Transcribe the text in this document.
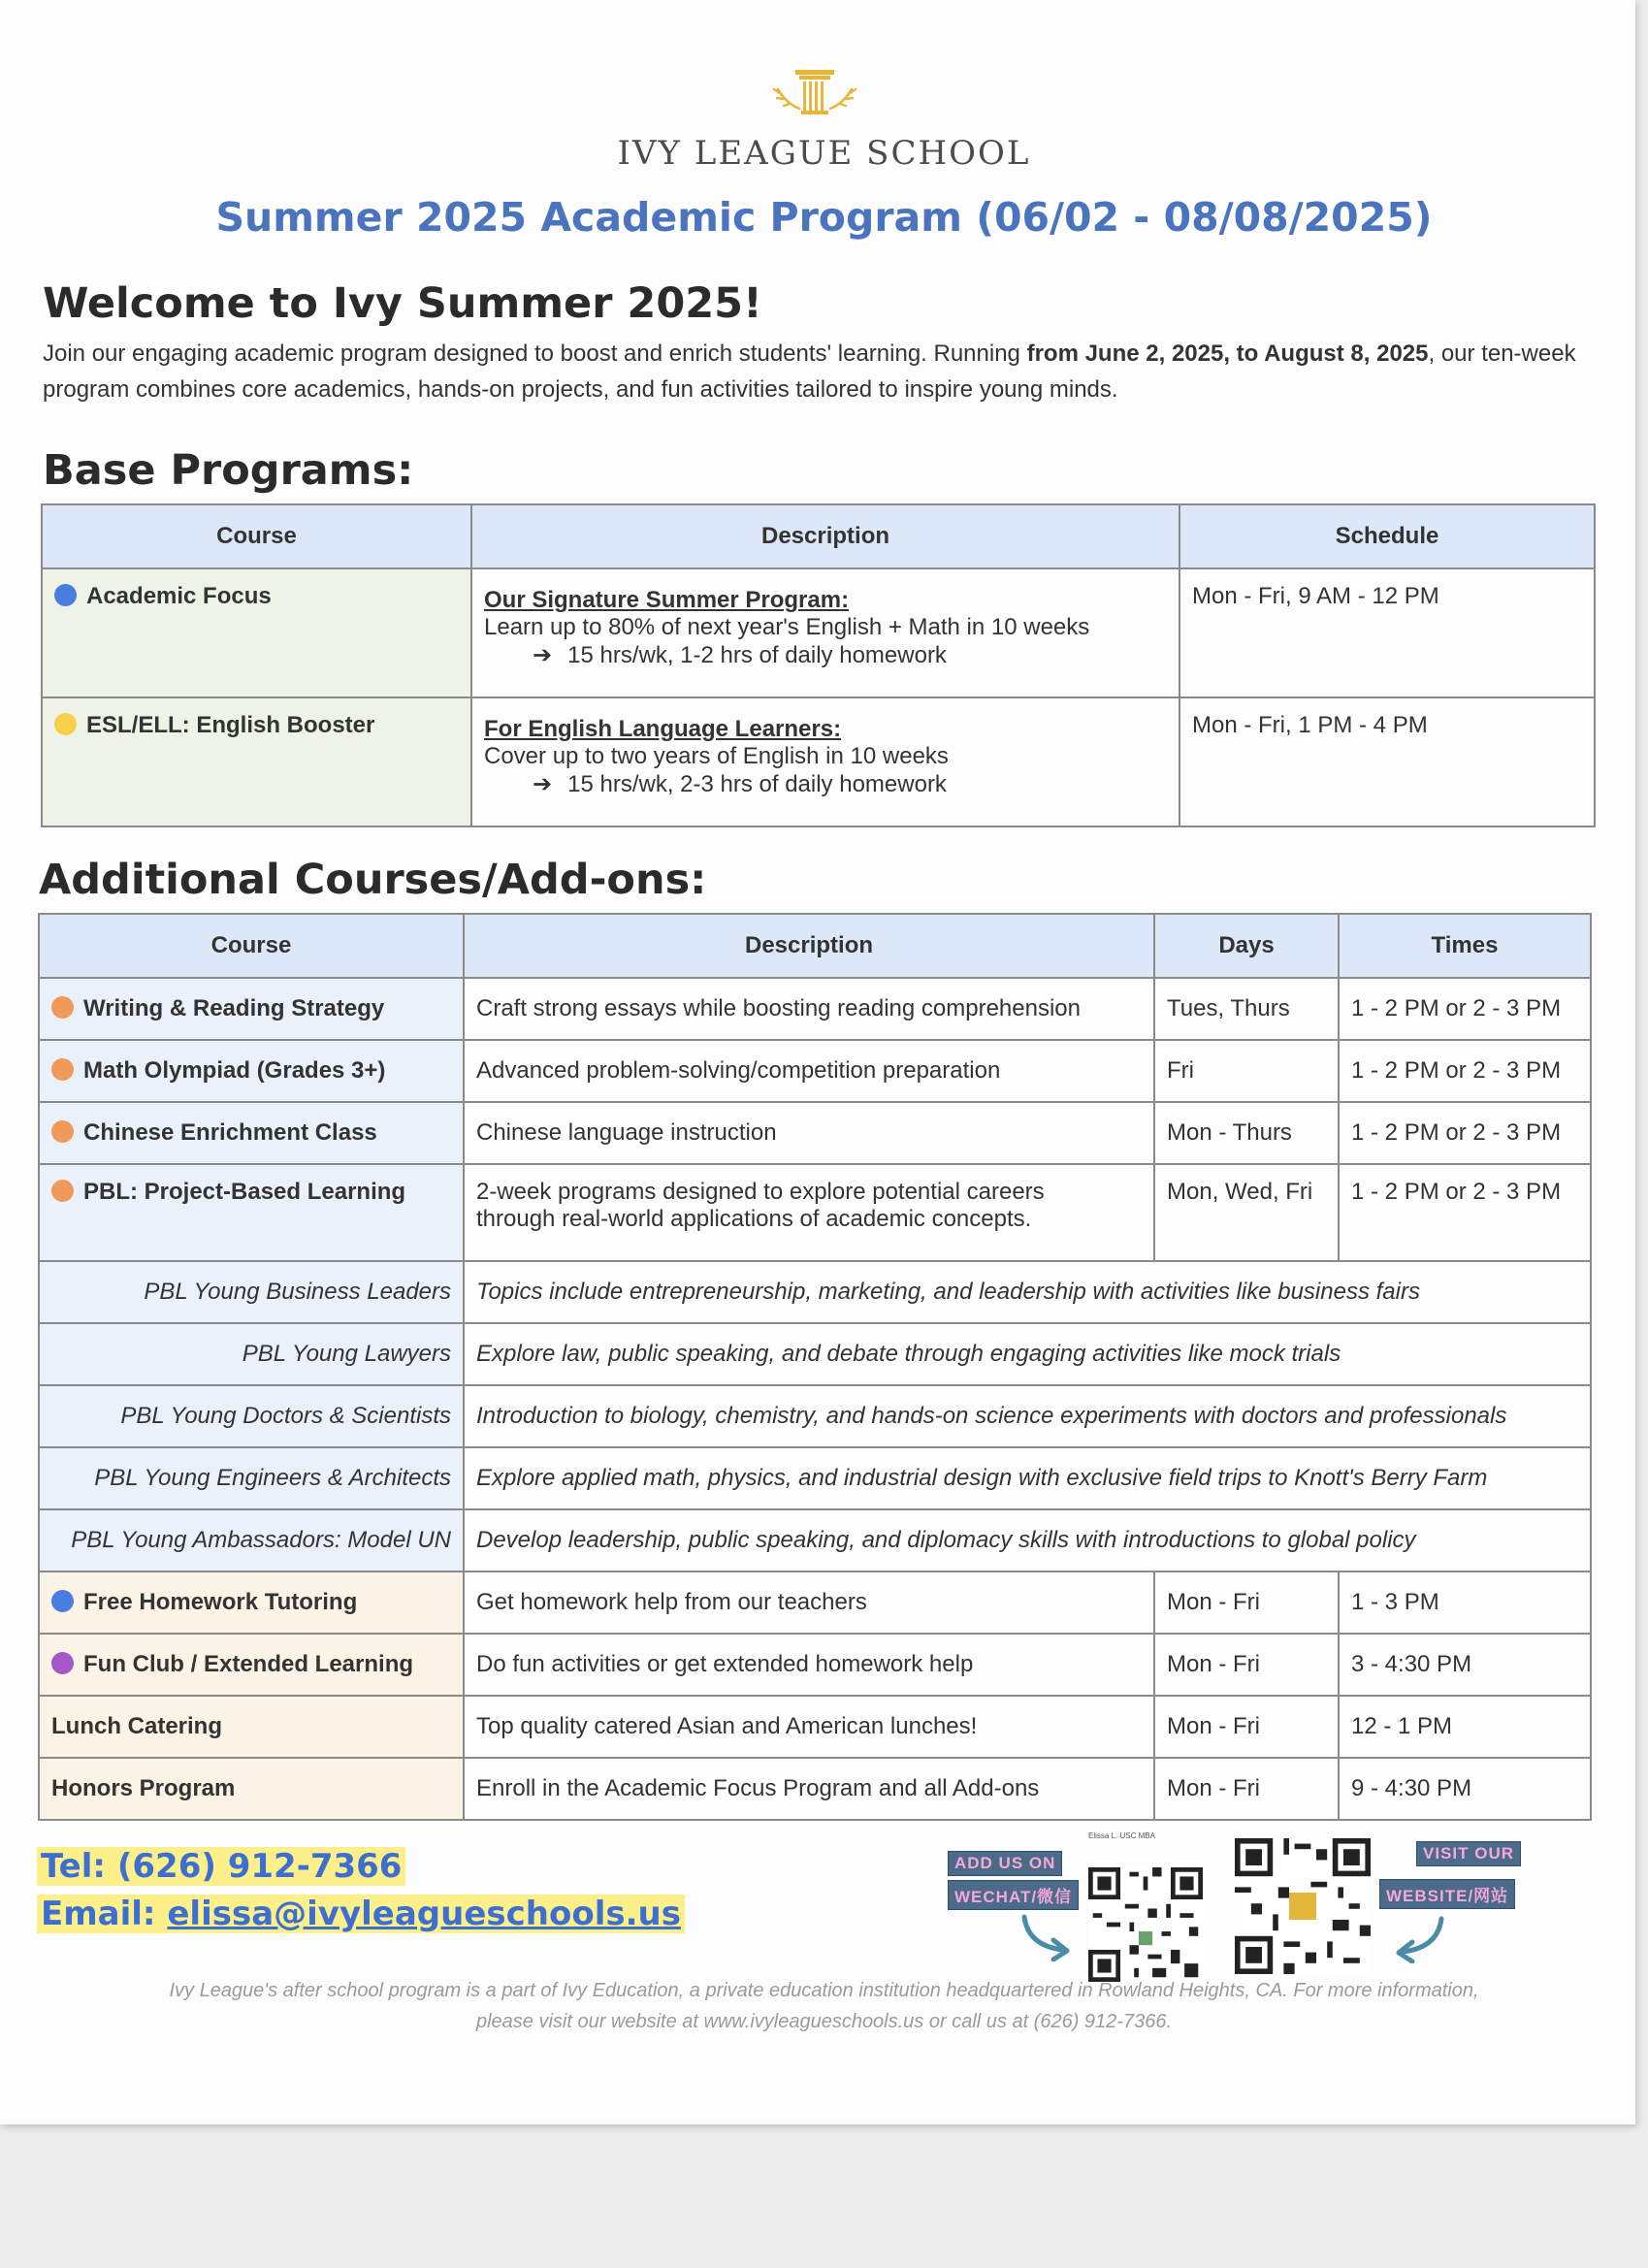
IVY LEAGUE SCHOOL
Summer 2025 Academic Program (06/02 - 08/08/2025)
Welcome to Ivy Summer 2025!
Join our engaging academic program designed to boost and enrich students' learning. Running from June 2, 2025, to August 8, 2025, our ten-week program combines core academics, hands-on projects, and fun activities tailored to inspire young minds.
Base Programs:
Course	Description	Schedule
Academic Focus	Our Signature Summer Program:
Learn up to 80% of next year's English + Math in 10 weeks
➔ 15 hrs/wk, 1-2 hrs of daily homework	Mon - Fri, 9 AM - 12 PM
ESL/ELL: English Booster	For English Language Learners:
Cover up to two years of English in 10 weeks
➔ 15 hrs/wk, 2-3 hrs of daily homework	Mon - Fri, 1 PM - 4 PM
Additional Courses/Add-ons:
Course	Description	Days	Times
Writing & Reading Strategy	Craft strong essays while boosting reading comprehension	Tues, Thurs	1 - 2 PM or 2 - 3 PM
Math Olympiad (Grades 3+)	Advanced problem-solving/competition preparation	Fri	1 - 2 PM or 2 - 3 PM
Chinese Enrichment Class	Chinese language instruction	Mon - Thurs	1 - 2 PM or 2 - 3 PM
PBL: Project-Based Learning	2-week programs designed to explore potential careers
through real-world applications of academic concepts.	Mon, Wed, Fri	1 - 2 PM or 2 - 3 PM
PBL Young Business Leaders	Topics include entrepreneurship, marketing, and leadership with activities like business fairs		
PBL Young Lawyers	Explore law, public speaking, and debate through engaging activities like mock trials		
PBL Young Doctors & Scientists	Introduction to biology, chemistry, and hands-on science experiments with doctors and professionals		
PBL Young Engineers & Architects	Explore applied math, physics, and industrial design with exclusive field trips to Knott's Berry Farm		
PBL Young Ambassadors: Model UN	Develop leadership, public speaking, and diplomacy skills with introductions to global policy		
Free Homework Tutoring	Get homework help from our teachers	Mon - Fri	1 - 3 PM
Fun Club / Extended Learning	Do fun activities or get extended homework help	Mon - Fri	3 - 4:30 PM
Lunch Catering	Top quality catered Asian and American lunches!	Mon - Fri	12 - 1 PM
Honors Program	Enroll in the Academic Focus Program and all Add-ons	Mon - Fri	9 - 4:30 PM
Tel: (626) 912-7366
Email: elissa@ivyleagueschools.us
ADD US ON
WECHAT/微信
Elissa L. USC MBA
VISIT OUR
WEBSITE/网站
Ivy League's after school program is a part of Ivy Education, a private education institution headquartered in Rowland Heights, CA. For more information,
please visit our website at www.ivyleagueschools.us or call us at (626) 912-7366.
